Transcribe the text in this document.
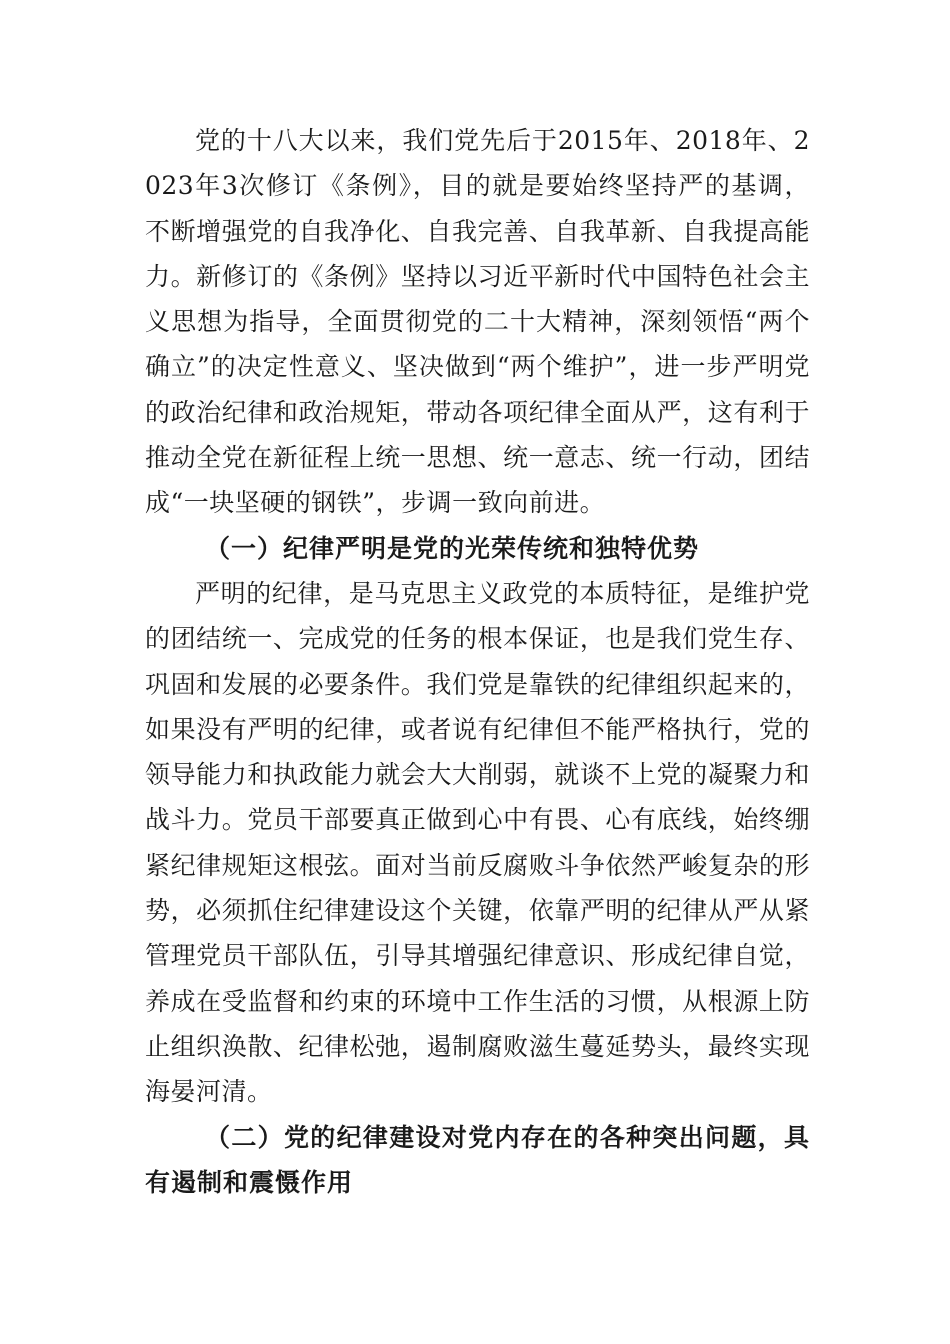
党的十八大以来，我们党先后于2015年、2018年、2023年3次修订《条例》，目的就是要始终坚持严的基调，不断增强党的自我净化、自我完善、自我革新、自我提高能力。新修订的《条例》坚持以习近平新时代中国特色社会主义思想为指导，全面贯彻党的二十大精神，深刻领悟“两个确立”的决定性意义、坚决做到“两个维护”，进一步严明党的政治纪律和政治规矩，带动各项纪律全面从严，这有利于推动全党在新征程上统一思想、统一意志、统一行动，团结成“一块坚硬的钢铁”，步调一致向前进。

（一）纪律严明是党的光荣传统和独特优势

严明的纪律，是马克思主义政党的本质特征，是维护党的团结统一、完成党的任务的根本保证，也是我们党生存、巩固和发展的必要条件。我们党是靠铁的纪律组织起来的，如果没有严明的纪律，或者说有纪律但不能严格执行，党的领导能力和执政能力就会大大削弱，就谈不上党的凝聚力和战斗力。党员干部要真正做到心中有畏、心有底线，始终绷紧纪律规矩这根弦。面对当前反腐败斗争依然严峻复杂的形势，必须抓住纪律建设这个关键，依靠严明的纪律从严从紧管理党员干部队伍，引导其增强纪律意识、形成纪律自觉，养成在受监督和约束的环境中工作生活的习惯，从根源上防止组织涣散、纪律松弛，遏制腐败滋生蔓延势头，最终实现海晏河清。

（二）党的纪律建设对党内存在的各种突出问题，具有遏制和震慑作用
